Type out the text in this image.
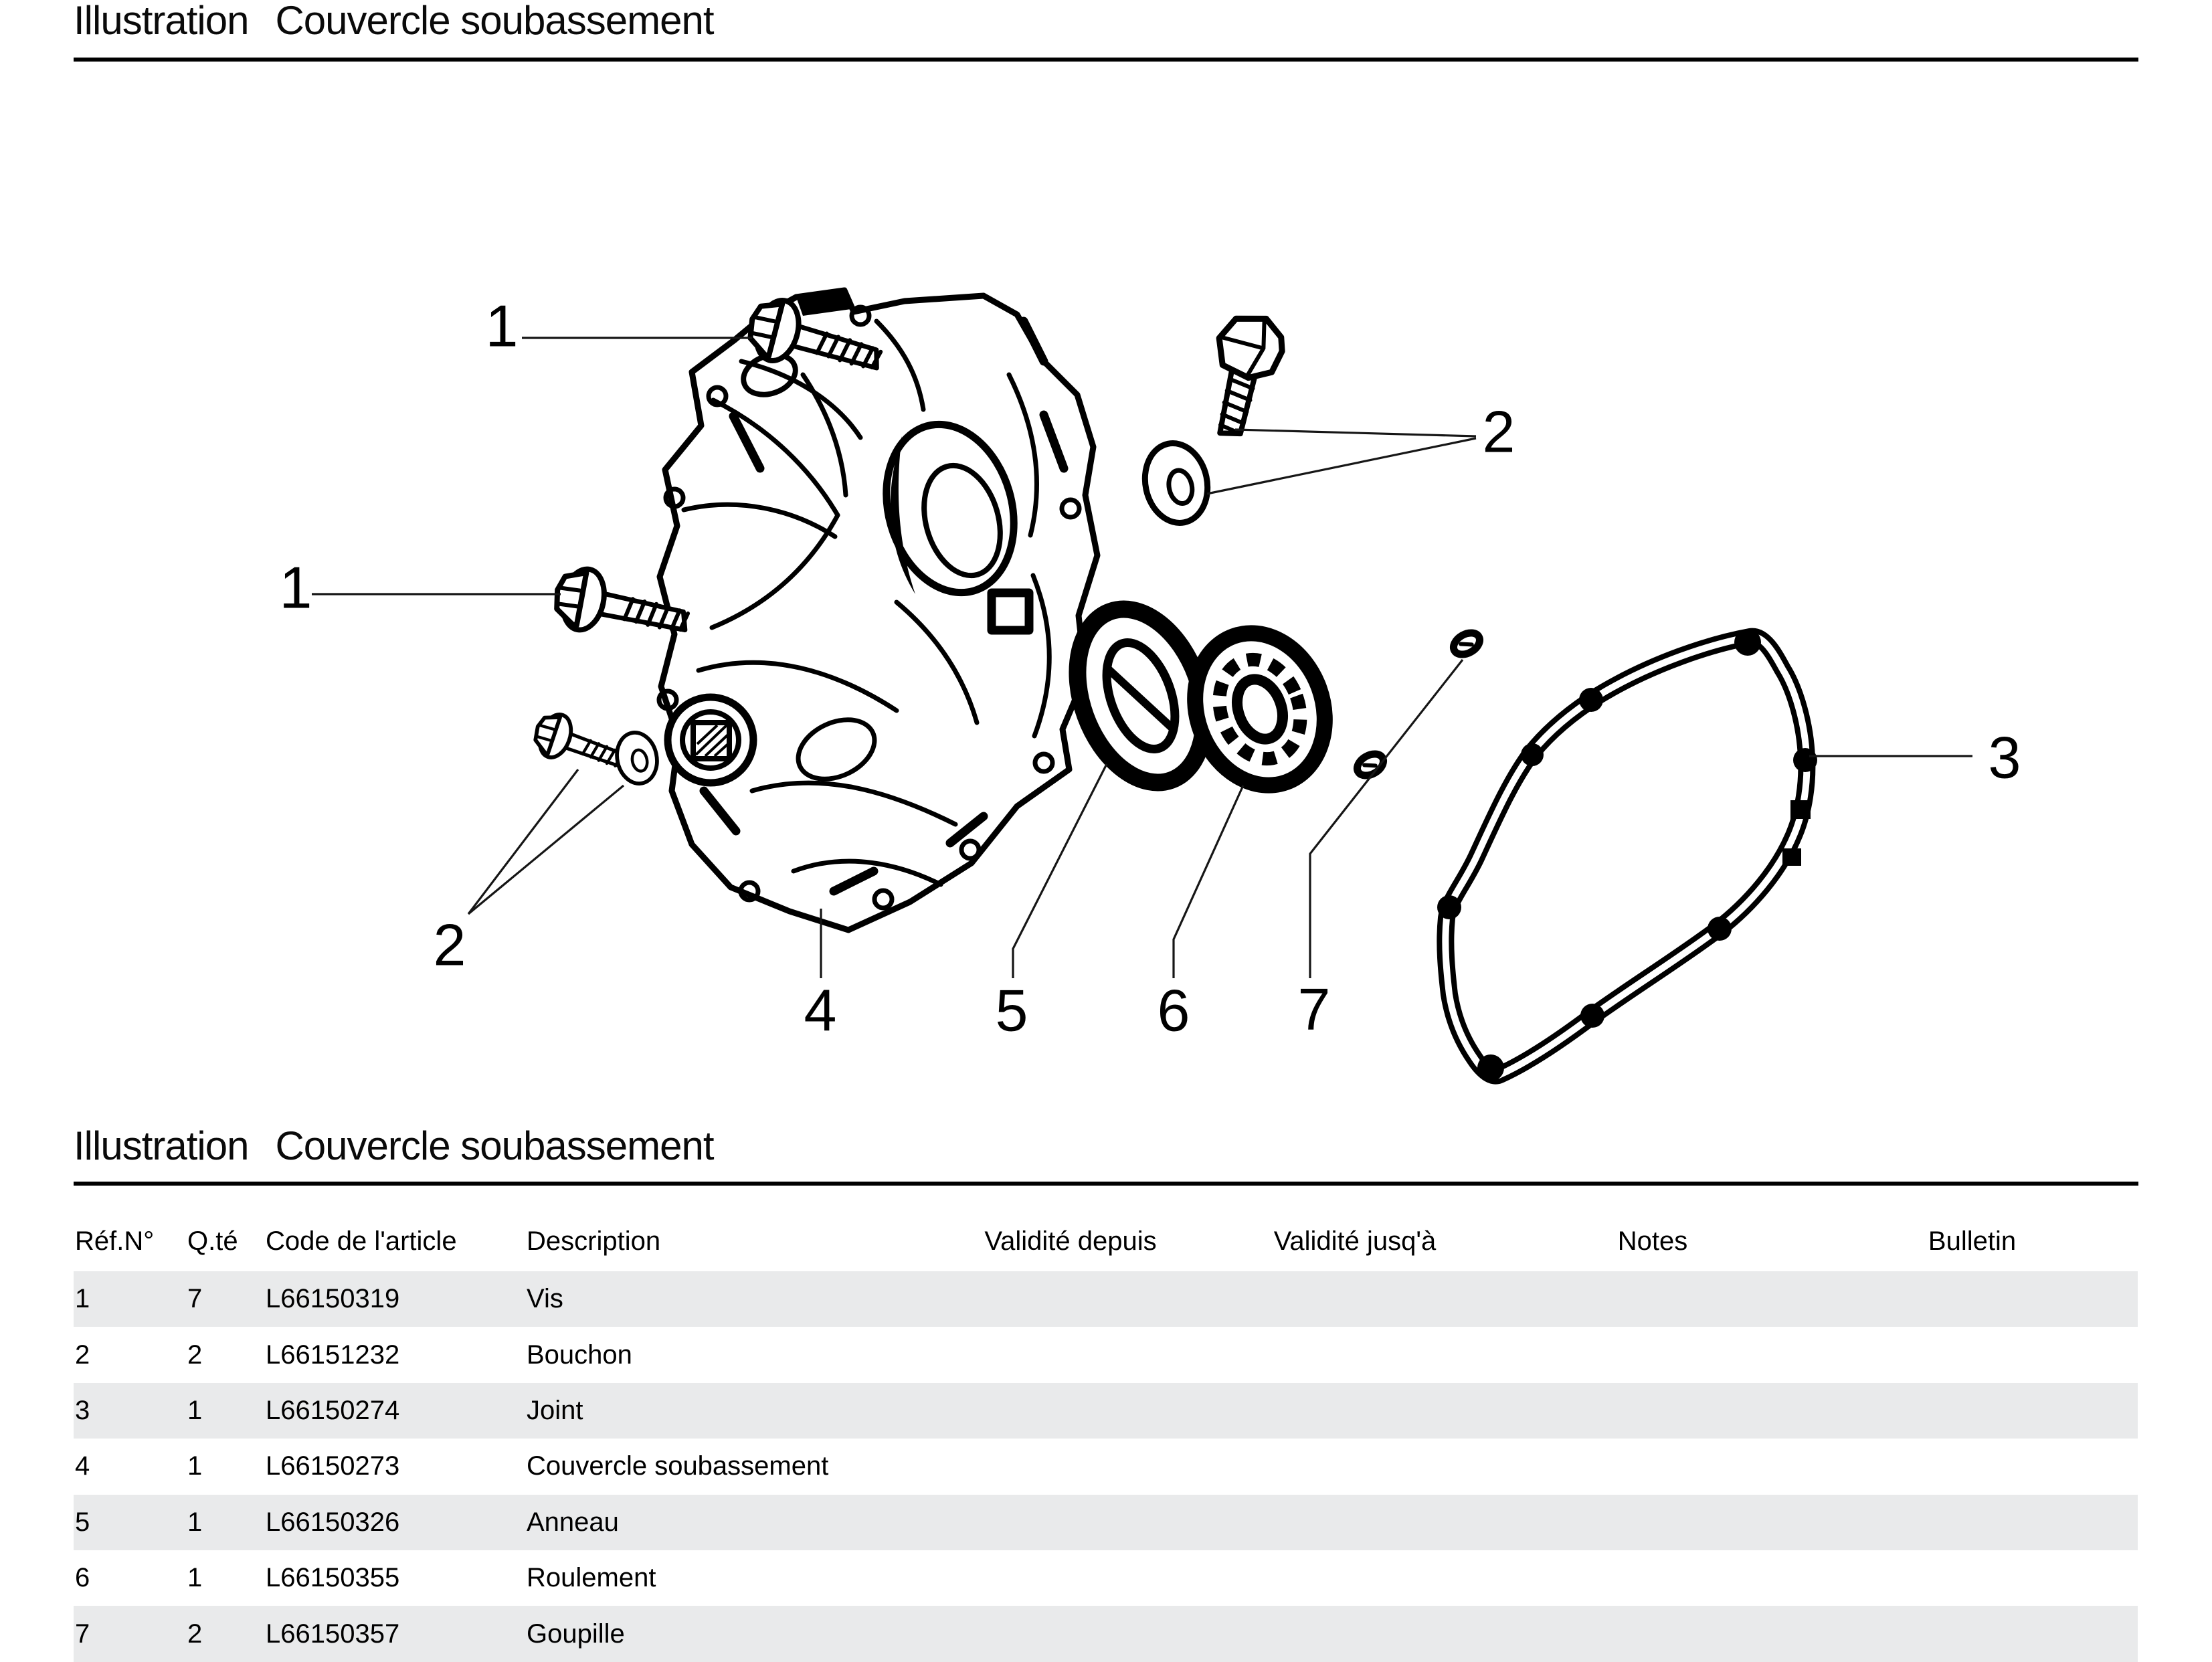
Illustration Couvercle soubassement
1
1
2
2
3
4	5 6 7
Illustration Couvercle soubassement
Réf.N°	Q.té	Code de l'article	Description	Validité depuis	Validité jusq'à	Notes	Bulletin
1	7	L66150319	Vis
2	2	L66151232	Bouchon
3	1	L66150274	Joint
4	1	L66150273	Couvercle soubassement
5	1	L66150326	Anneau
6	1	L66150355	Roulement
7	2	L66150357	Goupille
